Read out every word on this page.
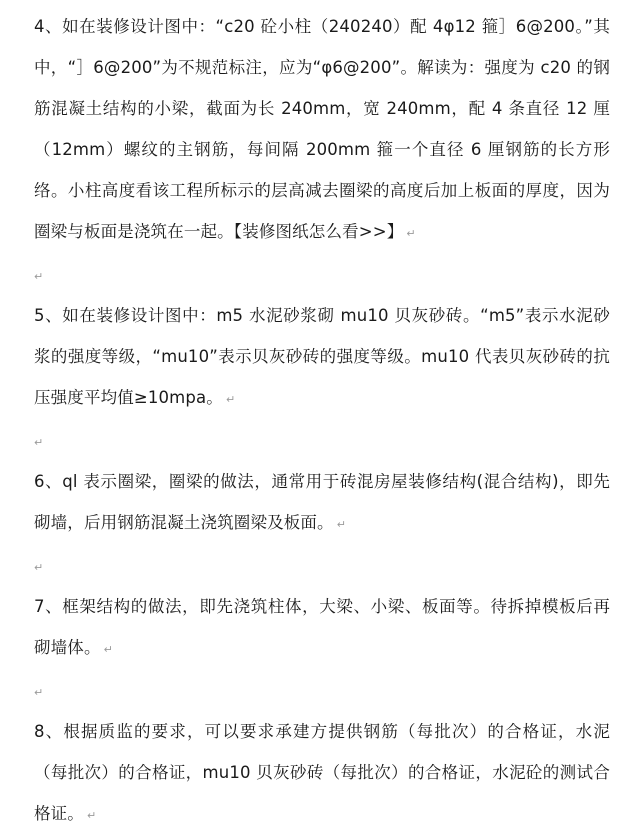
4、如在装修设计图中：“c20 砼小柱（240240）配 4φ12 箍］6@200。”其中，“］6@200”为不规范标注，应为“φ6@200”。解读为：强度为 c20 的钢筋混凝土结构的小梁，截面为长 240mm，宽 240mm，配 4 条直径 12 厘（12mm）螺纹的主钢筋，每间隔 200mm 箍一个直径 6 厘钢筋的长方形络。小柱高度看该工程所标示的层高减去圈梁的高度后加上板面的厚度，因为圈梁与板面是浇筑在一起。【装修图纸怎么看>>】 ↵

↵

5、如在装修设计图中：m5 水泥砂浆砌 mu10 贝灰砂砖。“m5”表示水泥砂浆的强度等级，“mu10”表示贝灰砂砖的强度等级。mu10 代表贝灰砂砖的抗压强度平均值≥10mpa。 ↵

↵

6、ql 表示圈梁，圈梁的做法，通常用于砖混房屋装修结构(混合结构)，即先砌墙，后用钢筋混凝土浇筑圈梁及板面。 ↵

↵

7、框架结构的做法，即先浇筑柱体，大梁、小梁、板面等。待拆掉模板后再砌墙体。 ↵

↵

8、根据质监的要求，可以要求承建方提供钢筋（每批次）的合格证，水泥（每批次）的合格证，mu10 贝灰砂砖（每批次）的合格证，水泥砼的测试合格证。 ↵
